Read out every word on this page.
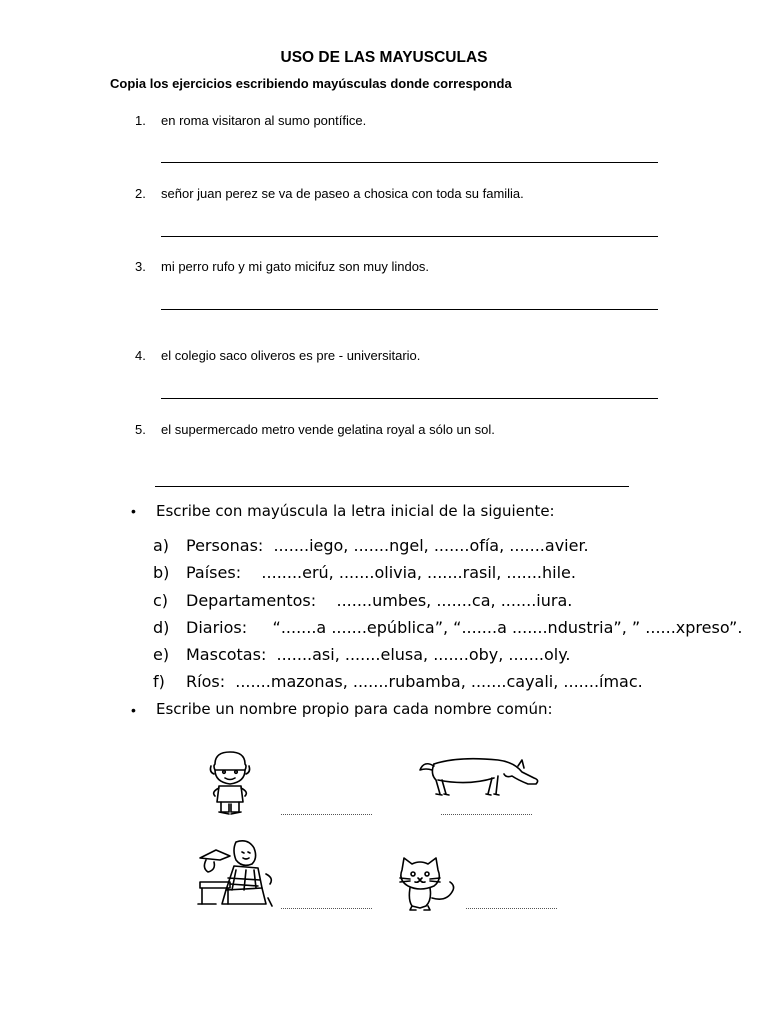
USO DE LAS MAYUSCULAS
Copia los ejercicios escribiendo mayúsculas donde corresponda
1. en roma visitaron al sumo pontífice.
2. señor juan perez se va de paseo a chosica con toda su familia.
3. mi perro rufo y mi gato micifuz son muy lindos.
4. el colegio saco oliveros es pre - universitario.
5. el supermercado metro vende gelatina royal a sólo un sol.
• Escribe con mayúscula la letra inicial de la siguiente:
a) Personas:  .......iego, .......ngel, .......ofía, .......avier.
b) Países:    ........erú, .......olivia, .......rasil, .......hile.
c) Departamentos:    .......umbes, .......ca, .......iura.
d) Diarios:     “.......a .......epública”, “.......a .......ndustria”, ” ......xpreso”.
e) Mascotas:  .......asi, .......elusa, .......oby, .......oly.
f) Ríos:  .......mazonas, .......rubamba, .......cayali, .......ímac.
• Escribe un nombre propio para cada nombre común:
